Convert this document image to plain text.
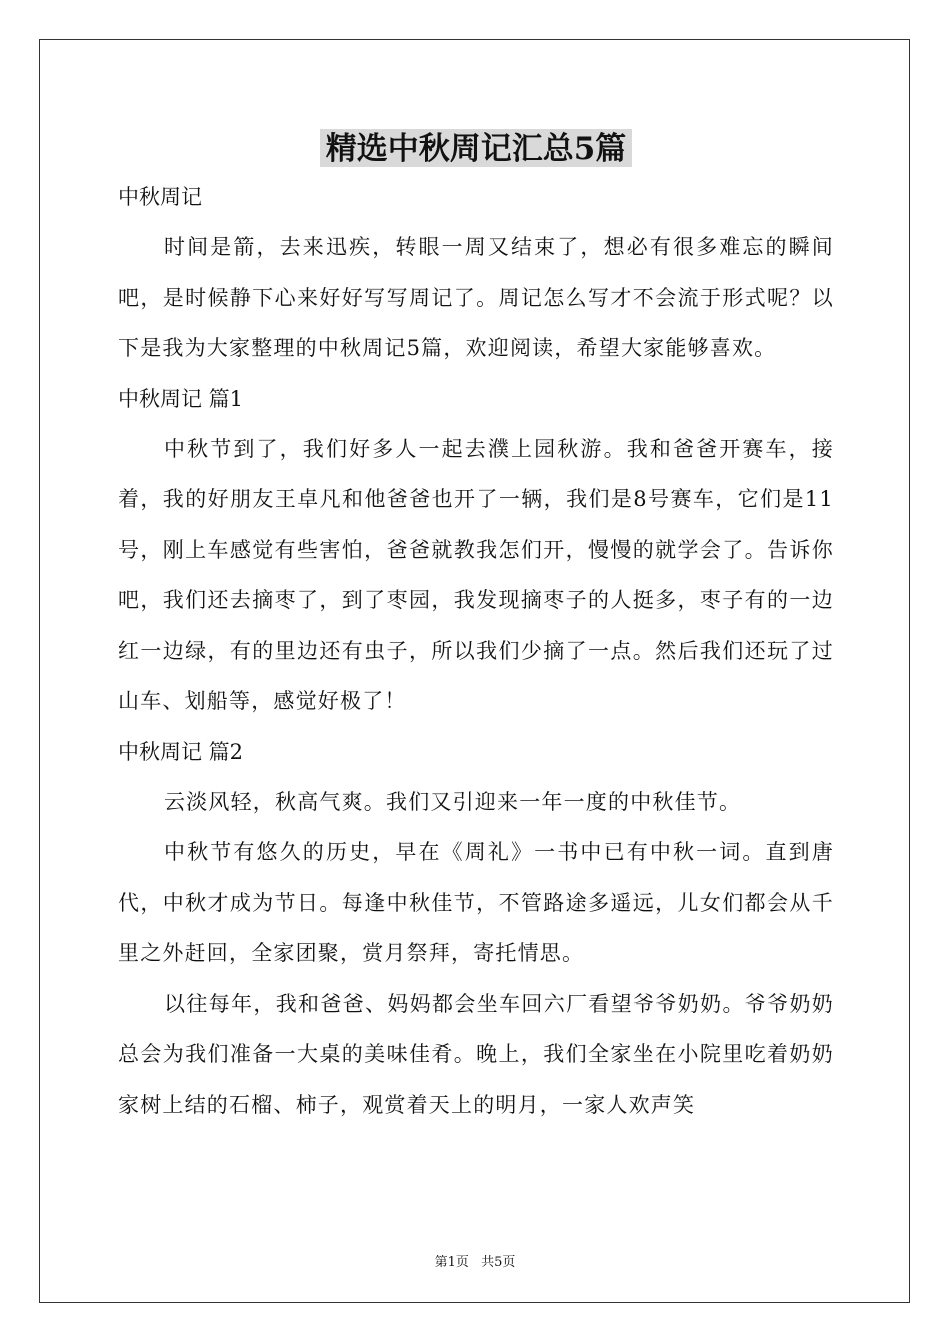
精选中秋周记汇总5篇

中秋周记

时间是箭，去来迅疾，转眼一周又结束了，想必有很多难忘的瞬间吧，是时候静下心来好好写写周记了。周记怎么写才不会流于形式呢？以下是我为大家整理的中秋周记5篇，欢迎阅读，希望大家能够喜欢。

中秋周记 篇1

中秋节到了，我们好多人一起去濮上园秋游。我和爸爸开赛车，接着，我的好朋友王卓凡和他爸爸也开了一辆，我们是8号赛车，它们是11号，刚上车感觉有些害怕，爸爸就教我怎们开，慢慢的就学会了。告诉你吧，我们还去摘枣了，到了枣园，我发现摘枣子的人挺多，枣子有的一边红一边绿，有的里边还有虫子，所以我们少摘了一点。然后我们还玩了过山车、划船等，感觉好极了！

中秋周记 篇2

云淡风轻，秋高气爽。我们又引迎来一年一度的中秋佳节。

中秋节有悠久的历史，早在《周礼》一书中已有中秋一词。直到唐代，中秋才成为节日。每逢中秋佳节，不管路途多遥远，儿女们都会从千里之外赶回，全家团聚，赏月祭拜，寄托情思。

以往每年，我和爸爸、妈妈都会坐车回六厂看望爷爷奶奶。爷爷奶奶总会为我们准备一大桌的美味佳肴。晚上，我们全家坐在小院里吃着奶奶家树上结的石榴、柿子，观赏着天上的明月，一家人欢声笑

第1页 共5页
